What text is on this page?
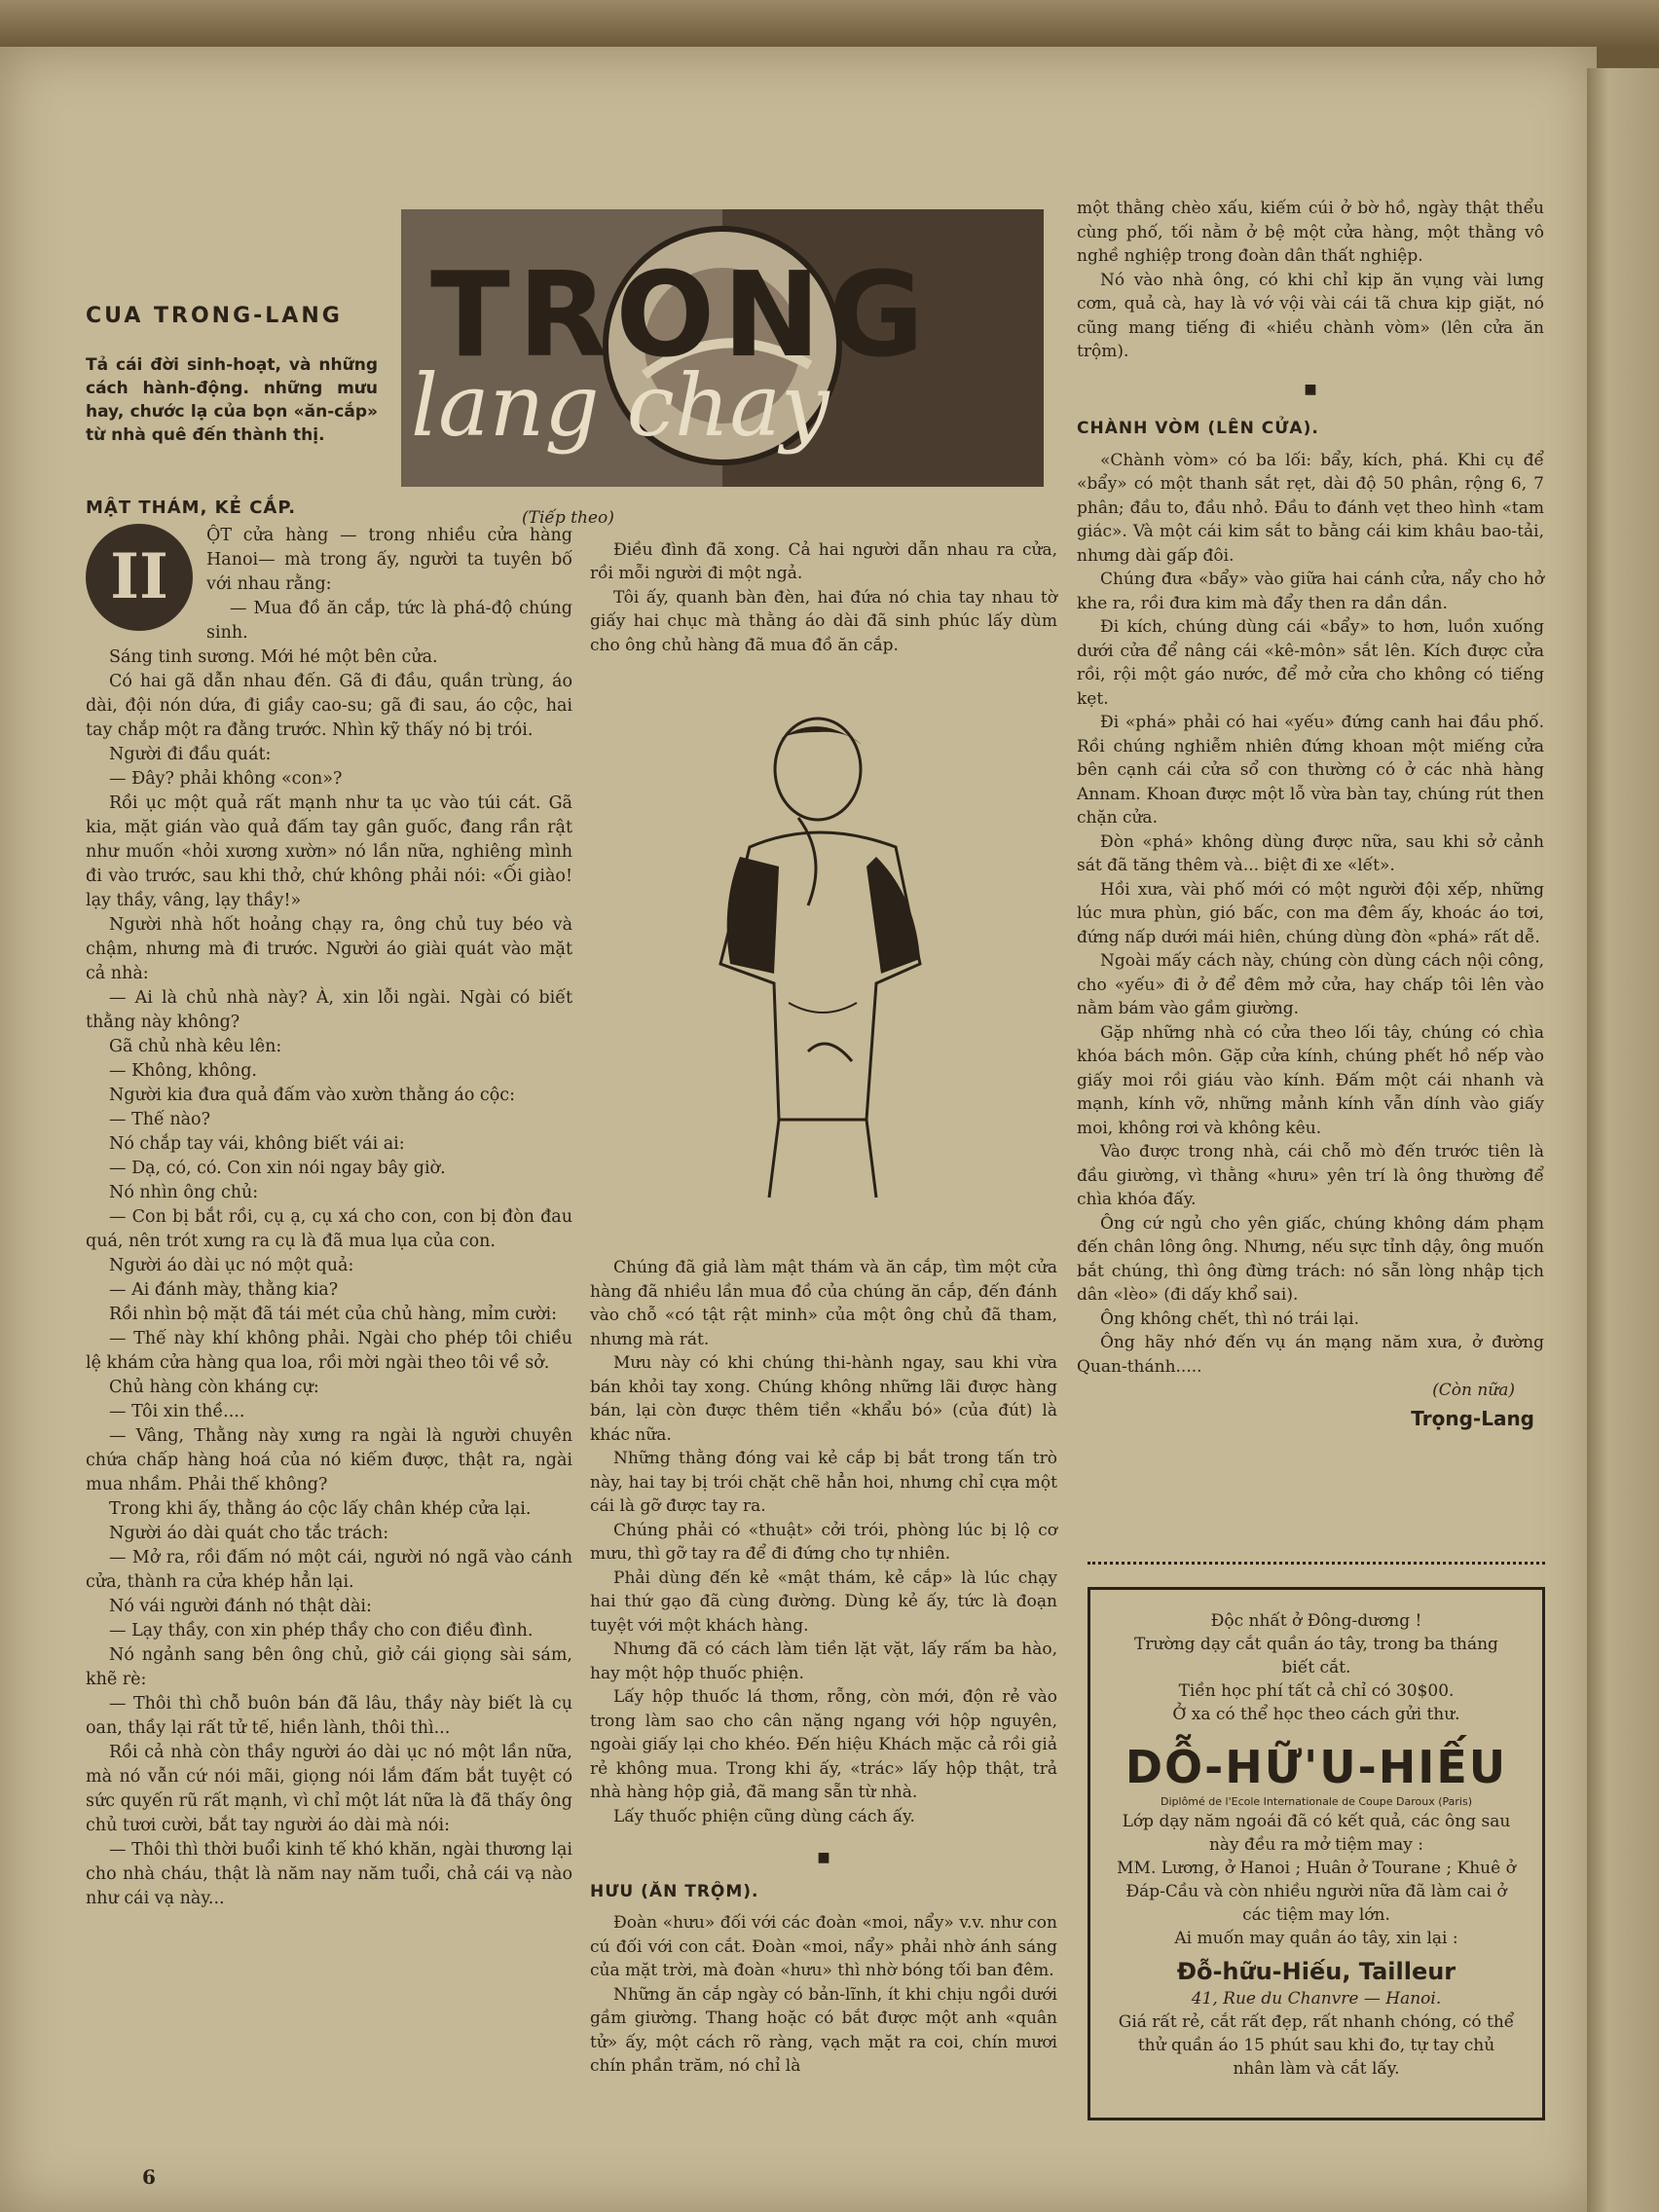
TRONG
lang chay

CUA TRONG-LANG

Tả cái đời sinh-hoạt, và những cách hành-động. những mưu hay, chước lạ của bọn «ăn-cắp» từ nhà quê đến thành thị.

MẬT THÁM, KẺ CẮP.

II

ỘT cửa hàng — trong nhiều cửa hàng Hanoi— mà trong ấy, người ta tuyên bố với nhau rằng:

— Mua đồ ăn cắp, tức là phá-độ chúng sinh.

Sáng tinh sương. Mới hé một bên cửa.

Có hai gã dẫn nhau đến. Gã đi đầu, quần trùng, áo dài, đội nón dứa, đi giầy cao-su; gã đi sau, áo cộc, hai tay chắp một ra đằng trước. Nhìn kỹ thấy nó bị trói.

Người đi đầu quát:

— Đây? phải không «con»?

Rồi ục một quả rất mạnh như ta ục vào túi cát. Gã kia, mặt gián vào quả đấm tay gân guốc, đang rần rật như muốn «hỏi xương xườn» nó lần nữa, nghiêng mình đi vào trước, sau khi thở, chứ không phải nói: «Ối giào! lạy thầy, vâng, lạy thầy!»

Người nhà hốt hoảng chạy ra, ông chủ tuy béo và chậm, nhưng mà đi trước. Người áo giài quát vào mặt cả nhà:

— Ai là chủ nhà này? À, xin lỗi ngài. Ngài có biết thằng này không?

Gã chủ nhà kêu lên:

— Không, không.

Người kia đưa quả đấm vào xườn thằng áo cộc:

— Thế nào?

Nó chắp tay vái, không biết vái ai:

— Dạ, có, có. Con xin nói ngay bây giờ.

Nó nhìn ông chủ:

— Con bị bắt rồi, cụ ạ, cụ xá cho con, con bị đòn đau quá, nên trót xưng ra cụ là đã mua lụa của con.

Người áo dài ục nó một quả:

— Ai đánh mày, thằng kia?

Rồi nhìn bộ mặt đã tái mét của chủ hàng, mỉm cười:

— Thế này khí không phải. Ngài cho phép tôi chiều lệ khám cửa hàng qua loa, rồi mời ngài theo tôi về sở.

Chủ hàng còn kháng cự:

— Tôi xin thề....

— Vâng, Thằng này xưng ra ngài là người chuyên chứa chấp hàng hoá của nó kiếm được, thật ra, ngài mua nhầm. Phải thế không?

Trong khi ấy, thằng áo cộc lấy chân khép cửa lại.

Người áo dài quát cho tắc trách:

— Mở ra, rồi đấm nó một cái, người nó ngã vào cánh cửa, thành ra cửa khép hẳn lại.

Nó vái người đánh nó thật dài:

— Lạy thầy, con xin phép thầy cho con điều đình.

Nó ngảnh sang bên ông chủ, giở cái giọng sài sám, khẽ rè:

— Thôi thì chỗ buôn bán đã lâu, thầy này biết là cụ oan, thầy lại rất tử tế, hiền lành, thôi thì...

Rồi cả nhà còn thầy người áo dài ục nó một lần nữa, mà nó vẫn cứ nói mãi, giọng nói lắm đấm bắt tuyệt có sức quyến rũ rất mạnh, vì chỉ một lát nữa là đã thấy ông chủ tươi cười, bắt tay người áo dài mà nói:

— Thôi thì thời buổi kinh tế khó khăn, ngài thương lại cho nhà cháu, thật là năm nay năm tuổi, chả cái vạ nào như cái vạ này...

(Tiếp theo)

Điều đình đã xong. Cả hai người dẫn nhau ra cửa, rồi mỗi người đi một ngả.

Tôi ấy, quanh bàn đèn, hai đứa nó chia tay nhau tờ giấy hai chục mà thằng áo dài đã sinh phúc lấy dùm cho ông chủ hàng đã mua đồ ăn cắp.

Chúng đã giả làm mật thám và ăn cắp, tìm một cửa hàng đã nhiều lần mua đồ của chúng ăn cắp, đến đánh vào chỗ «có tật rật minh» của một ông chủ đã tham, nhưng mà rát.

Mưu này có khi chúng thi-hành ngay, sau khi vừa bán khỏi tay xong. Chúng không những lãi được hàng bán, lại còn được thêm tiền «khẩu bó» (của đút) là khác nữa.

Những thằng đóng vai kẻ cắp bị bắt trong tấn trò này, hai tay bị trói chặt chẽ hẳn hoi, nhưng chỉ cựa một cái là gỡ được tay ra.

Chúng phải có «thuật» cởi trói, phòng lúc bị lộ cơ mưu, thì gỡ tay ra để đi đứng cho tự nhiên.

Phải dùng đến kẻ «mật thám, kẻ cắp» là lúc chạy hai thứ gạo đã cùng đường. Dùng kẻ ấy, tức là đoạn tuyệt với một khách hàng.

Nhưng đã có cách làm tiền lặt vặt, lấy rấm ba hào, hay một hộp thuốc phiện.

Lấy hộp thuốc lá thơm, rỗng, còn mới, độn rẻ vào trong làm sao cho cân nặng ngang với hộp nguyên, ngoài giấy lại cho khéo. Đến hiệu Khách mặc cả rồi giả rẻ không mua. Trong khi ấy, «trác» lấy hộp thật, trả nhà hàng hộp giả, đã mang sẵn từ nhà.

Lấy thuốc phiện cũng dùng cách ấy.

■

HƯU (ĂN TRỘM).

Đoàn «hưu» đối với các đoàn «moi, nẩy» v.v. như con cú đối với con cắt. Đoàn «moi, nẩy» phải nhờ ánh sáng của mặt trời, mà đoàn «hưu» thì nhờ bóng tối ban đêm.

Những ăn cắp ngày có bản-lĩnh, ít khi chịu ngồi dưới gầm giường. Thang hoặc có bắt được một anh «quân tử» ấy, một cách rõ ràng, vạch mặt ra coi, chín mươi chín phần trăm, nó chỉ là

một thằng chèo xấu, kiếm cúi ở bờ hồ, ngày thật thểu cùng phố, tối nằm ở bệ một cửa hàng, một thằng vô nghề nghiệp trong đoàn dân thất nghiệp.

Nó vào nhà ông, có khi chỉ kịp ăn vụng vài lưng cơm, quả cà, hay là vớ vội vài cái tã chưa kịp giặt, nó cũng mang tiếng đi «hiều chành vòm» (lên cửa ăn trộm).

■

CHÀNH VÒM (LÊN CỬA).

«Chành vòm» có ba lối: bẩy, kích, phá. Khi cụ để «bẩy» có một thanh sắt rẹt, dài độ 50 phân, rộng 6, 7 phân; đầu to, đầu nhỏ. Đầu to đánh vẹt theo hình «tam giác». Và một cái kim sắt to bằng cái kim khâu bao-tải, nhưng dài gấp đôi.

Chúng đưa «bẩy» vào giữa hai cánh cửa, nẩy cho hở khe ra, rồi đưa kim mà đẩy then ra dần dần.

Đi kích, chúng dùng cái «bẩy» to hơn, luồn xuống dưới cửa để nâng cái «kê-môn» sắt lên. Kích được cửa rồi, rội một gáo nước, để mở cửa cho không có tiếng kẹt.

Đi «phá» phải có hai «yếu» đứng canh hai đầu phố. Rồi chúng nghiễm nhiên đứng khoan một miếng cửa bên cạnh cái cửa sổ con thường có ở các nhà hàng Annam. Khoan được một lỗ vừa bàn tay, chúng rút then chặn cửa.

Đòn «phá» không dùng được nữa, sau khi sở cảnh sát đã tăng thêm và... biệt đi xe «lết».

Hồi xưa, vài phố mới có một người đội xếp, những lúc mưa phùn, gió bấc, con ma đêm ấy, khoác áo tơi, đứng nấp dưới mái hiên, chúng dùng đòn «phá» rất dễ.

Ngoài mấy cách này, chúng còn dùng cách nội công, cho «yếu» đi ở để đêm mở cửa, hay chấp tôi lên vào nằm bám vào gầm giường.

Gặp những nhà có cửa theo lối tây, chúng có chìa khóa bách môn. Gặp cửa kính, chúng phết hồ nếp vào giấy moi rồi giáu vào kính. Đấm một cái nhanh và mạnh, kính vỡ, những mảnh kính vẫn dính vào giấy moi, không rơi và không kêu.

Vào được trong nhà, cái chỗ mò đến trước tiên là đầu giường, vì thằng «hưu» yên trí là ông thường để chìa khóa đấy.

Ông cứ ngủ cho yên giấc, chúng không dám phạm đến chân lông ông. Nhưng, nếu sực tỉnh dậy, ông muốn bắt chúng, thì ông đừng trách: nó sẵn lòng nhập tịch dân «lèo» (đi dấy khổ sai).

Ông không chết, thì nó trái lại.

Ông hãy nhớ đến vụ án mạng năm xưa, ở đường Quan-thánh.....

(Còn nữa)

Trọng-Lang

Độc nhất ở Đông-dương !
Trường dạy cắt quần áo tây, trong ba tháng biết cắt.
Tiền học phí tất cả chỉ có 30$00.
Ở xa có thể học theo cách gửi thư.
DỖ-HỮ'U-HIẾU
Diplômé de l'Ecole Internationale de Coupe Daroux (Paris)
Lớp dạy năm ngoái đã có kết quả, các ông sau này đều ra mở tiệm may :
MM. Lương, ở Hanoi ; Huân ở Tourane ; Khuê ở Đáp-Cầu và còn nhiều người nữa đã làm cai ở các tiệm may lớn.
Ai muốn may quần áo tây, xin lại :
Đỗ-hữu-Hiếu, Tailleur
41, Rue du Chanvre — Hanoi.
Giá rất rẻ, cắt rất đẹp, rất nhanh chóng, có thể thử quần áo 15 phút sau khi đo, tự tay chủ nhân làm và cắt lấy.
6
